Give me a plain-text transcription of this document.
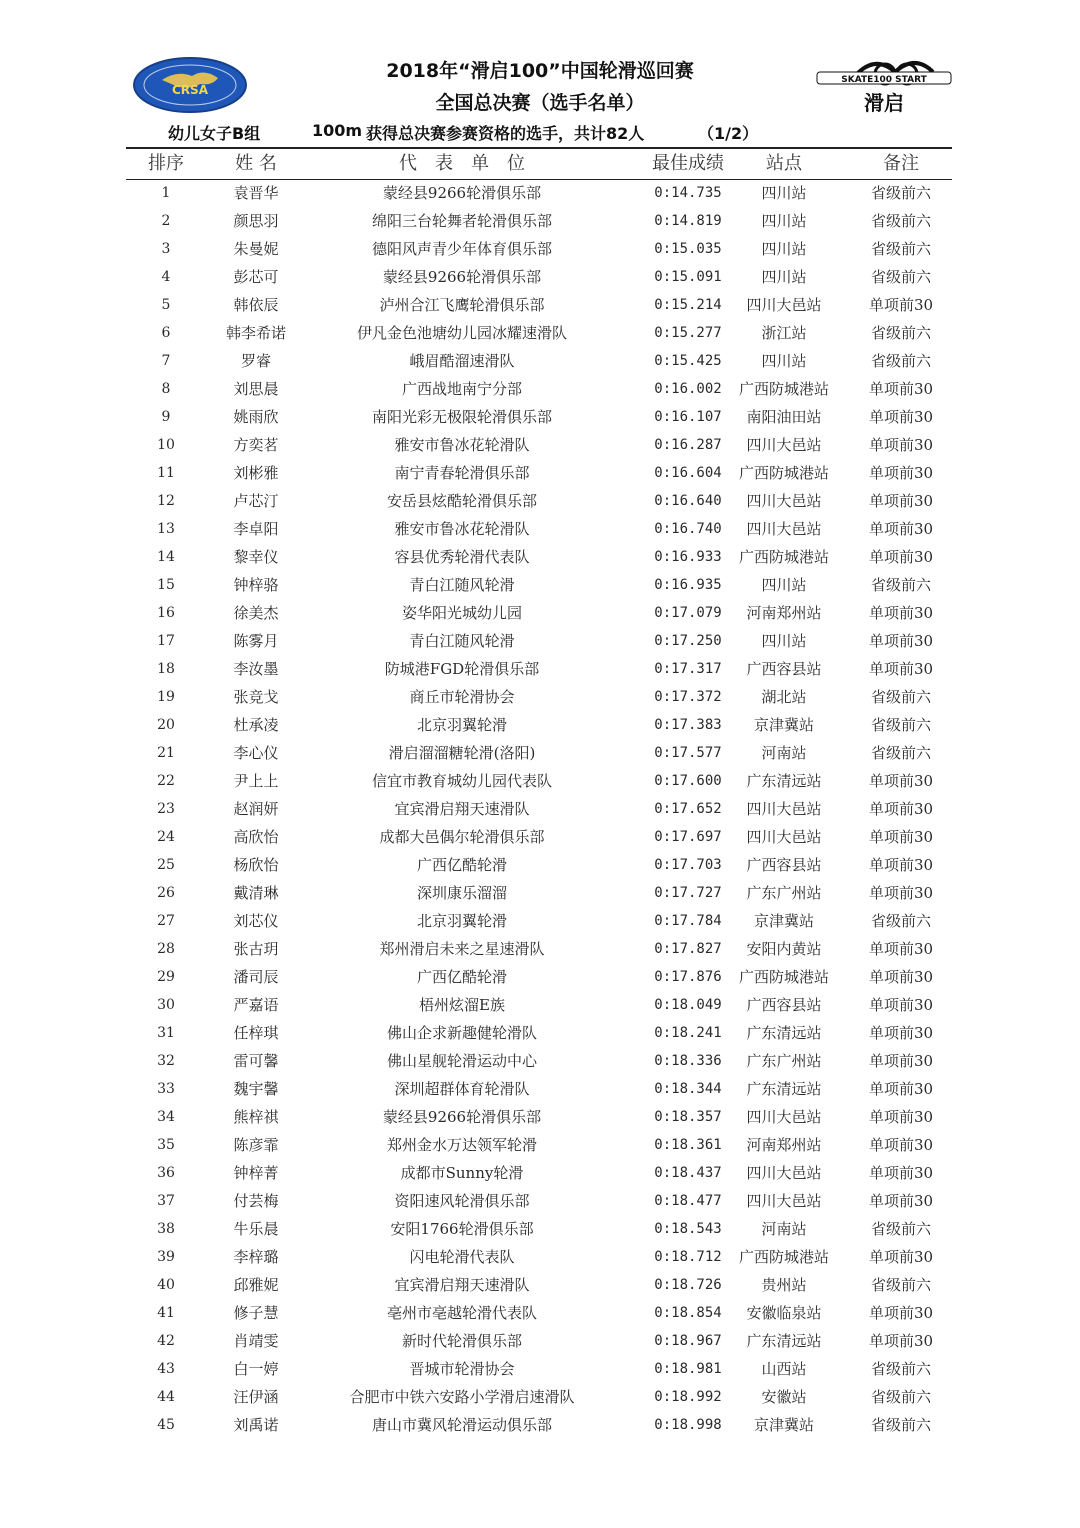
CRSA
SKATE100 START
滑启
2018年“滑启100”中国轮滑巡回赛
全国总决赛（选手名单）
幼儿女子B组	100m 获得总决赛参赛资格的选手，共计82人	（1/2）
排序	姓 名	代　表　单　位	最佳成绩	站点	备注
1	袁晋华	蒙经县9266轮滑俱乐部	0:14.735	四川站	省级前六
2	颜思羽	绵阳三台轮舞者轮滑俱乐部	0:14.819	四川站	省级前六
3	朱曼妮	德阳风声青少年体育俱乐部	0:15.035	四川站	省级前六
4	彭芯可	蒙经县9266轮滑俱乐部	0:15.091	四川站	省级前六
5	韩依辰	泸州合江飞鹰轮滑俱乐部	0:15.214	四川大邑站	单项前30
6	韩李希诺	伊凡金色池塘幼儿园冰耀速滑队	0:15.277	浙江站	省级前六
7	罗睿	峨眉酷溜速滑队	0:15.425	四川站	省级前六
8	刘思晨	广西战地南宁分部	0:16.002	广西防城港站	单项前30
9	姚雨欣	南阳光彩无极限轮滑俱乐部	0:16.107	南阳油田站	单项前30
10	方奕茗	雅安市鲁冰花轮滑队	0:16.287	四川大邑站	单项前30
11	刘彬雅	南宁青春轮滑俱乐部	0:16.604	广西防城港站	单项前30
12	卢芯汀	安岳县炫酷轮滑俱乐部	0:16.640	四川大邑站	单项前30
13	李卓阳	雅安市鲁冰花轮滑队	0:16.740	四川大邑站	单项前30
14	黎幸仪	容县优秀轮滑代表队	0:16.933	广西防城港站	单项前30
15	钟梓骆	青白江随风轮滑	0:16.935	四川站	省级前六
16	徐美杰	姿华阳光城幼儿园	0:17.079	河南郑州站	单项前30
17	陈雾月	青白江随风轮滑	0:17.250	四川站	单项前30
18	李汝墨	防城港FGD轮滑俱乐部	0:17.317	广西容县站	单项前30
19	张竞戈	商丘市轮滑协会	0:17.372	湖北站	省级前六
20	杜承凌	北京羽翼轮滑	0:17.383	京津冀站	省级前六
21	李心仪	滑启溜溜糖轮滑(洛阳)	0:17.577	河南站	省级前六
22	尹上上	信宜市教育城幼儿园代表队	0:17.600	广东清远站	单项前30
23	赵润妍	宜宾滑启翔天速滑队	0:17.652	四川大邑站	单项前30
24	高欣怡	成都大邑偶尔轮滑俱乐部	0:17.697	四川大邑站	单项前30
25	杨欣怡	广西亿酷轮滑	0:17.703	广西容县站	单项前30
26	戴清琳	深圳康乐溜溜	0:17.727	广东广州站	单项前30
27	刘芯仪	北京羽翼轮滑	0:17.784	京津冀站	省级前六
28	张古玥	郑州滑启未来之星速滑队	0:17.827	安阳内黄站	单项前30
29	潘司辰	广西亿酷轮滑	0:17.876	广西防城港站	单项前30
30	严嘉语	梧州炫溜E族	0:18.049	广西容县站	单项前30
31	任梓琪	佛山企求新趣健轮滑队	0:18.241	广东清远站	单项前30
32	雷可馨	佛山星舰轮滑运动中心	0:18.336	广东广州站	单项前30
33	魏宇馨	深圳超群体育轮滑队	0:18.344	广东清远站	单项前30
34	熊梓祺	蒙经县9266轮滑俱乐部	0:18.357	四川大邑站	单项前30
35	陈彦霏	郑州金水万达领军轮滑	0:18.361	河南郑州站	单项前30
36	钟梓菁	成都市Sunny轮滑	0:18.437	四川大邑站	单项前30
37	付芸梅	资阳速风轮滑俱乐部	0:18.477	四川大邑站	单项前30
38	牛乐晨	安阳1766轮滑俱乐部	0:18.543	河南站	省级前六
39	李梓璐	闪电轮滑代表队	0:18.712	广西防城港站	单项前30
40	邱雅妮	宜宾滑启翔天速滑队	0:18.726	贵州站	省级前六
41	修子慧	亳州市亳越轮滑代表队	0:18.854	安徽临泉站	单项前30
42	肖靖雯	新时代轮滑俱乐部	0:18.967	广东清远站	单项前30
43	白一婷	晋城市轮滑协会	0:18.981	山西站	省级前六
44	汪伊涵	合肥市中铁六安路小学滑启速滑队	0:18.992	安徽站	省级前六
45	刘禹诺	唐山市冀风轮滑运动俱乐部	0:18.998	京津冀站	省级前六
